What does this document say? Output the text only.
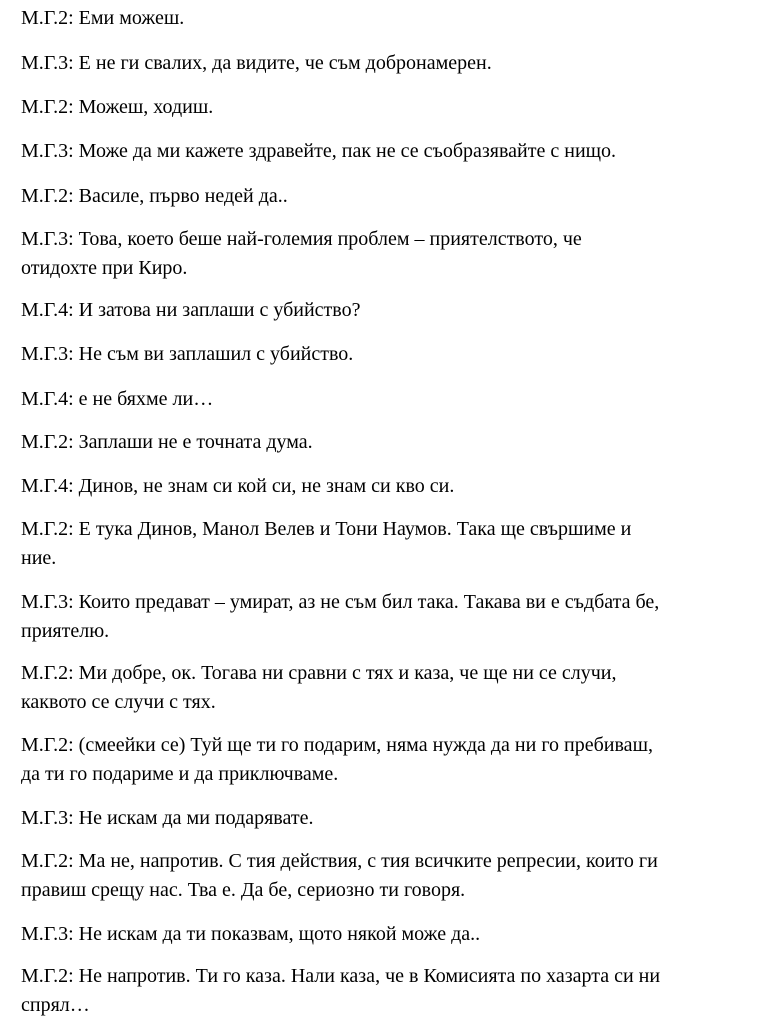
М.Г.2: Еми можеш.

М.Г.3: Е не ги свалих, да видите, че съм добронамерен.

М.Г.2: Можеш, ходиш.

М.Г.3: Може да ми кажете здравейте, пак не се съобразявайте с нищо.

М.Г.2: Василе, първо недей да..

М.Г.3: Това, което беше най-големия проблем – приятелството, че
отидохте при Киро.

М.Г.4: И затова ни заплаши с убийство?

М.Г.3: Не съм ви заплашил с убийство.

М.Г.4: е не бяхме ли…

М.Г.2: Заплаши не е точната дума.

М.Г.4: Динов, не знам си кой си, не знам си кво си.

М.Г.2: Е тука Динов, Манол Велев и Тони Наумов. Така ще свършиме и
ние.

М.Г.3: Които предават – умират, аз не съм бил така. Такава ви е съдбата бе,
приятелю.

М.Г.2: Ми добре, ок. Тогава ни сравни с тях и каза, че ще ни се случи,
каквото се случи с тях.

М.Г.2: (смеейки се) Туй ще ти го подарим, няма нужда да ни го пребиваш,
да ти го подариме и да приключваме.

М.Г.3: Не искам да ми подарявате.

М.Г.2: Ма не, напротив. С тия действия, с тия всичките репресии, които ги
правиш срещу нас. Тва е. Да бе, сериозно ти говоря.

М.Г.3: Не искам да ти показвам, щото някой може да..

М.Г.2: Не напротив. Ти го каза. Нали каза, че в Комисията по хазарта си ни
спрял…
